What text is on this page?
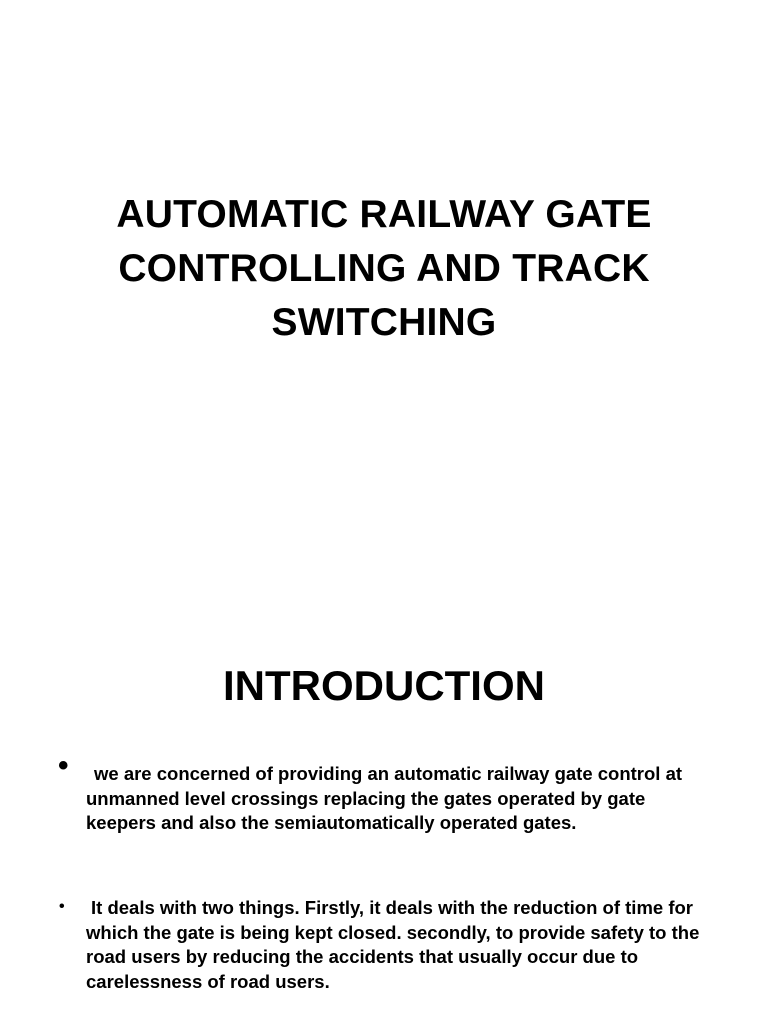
AUTOMATIC RAILWAY GATE CONTROLLING AND TRACK SWITCHING
INTRODUCTION
• we are concerned of providing an automatic railway gate control at unmanned level crossings replacing the gates operated by gate keepers and also the semiautomatically operated gates.
• It deals with two things. Firstly, it deals with the reduction of time for which the gate is being kept closed. secondly, to provide safety to the road users by reducing the accidents that usually occur due to carelessness of road users.
